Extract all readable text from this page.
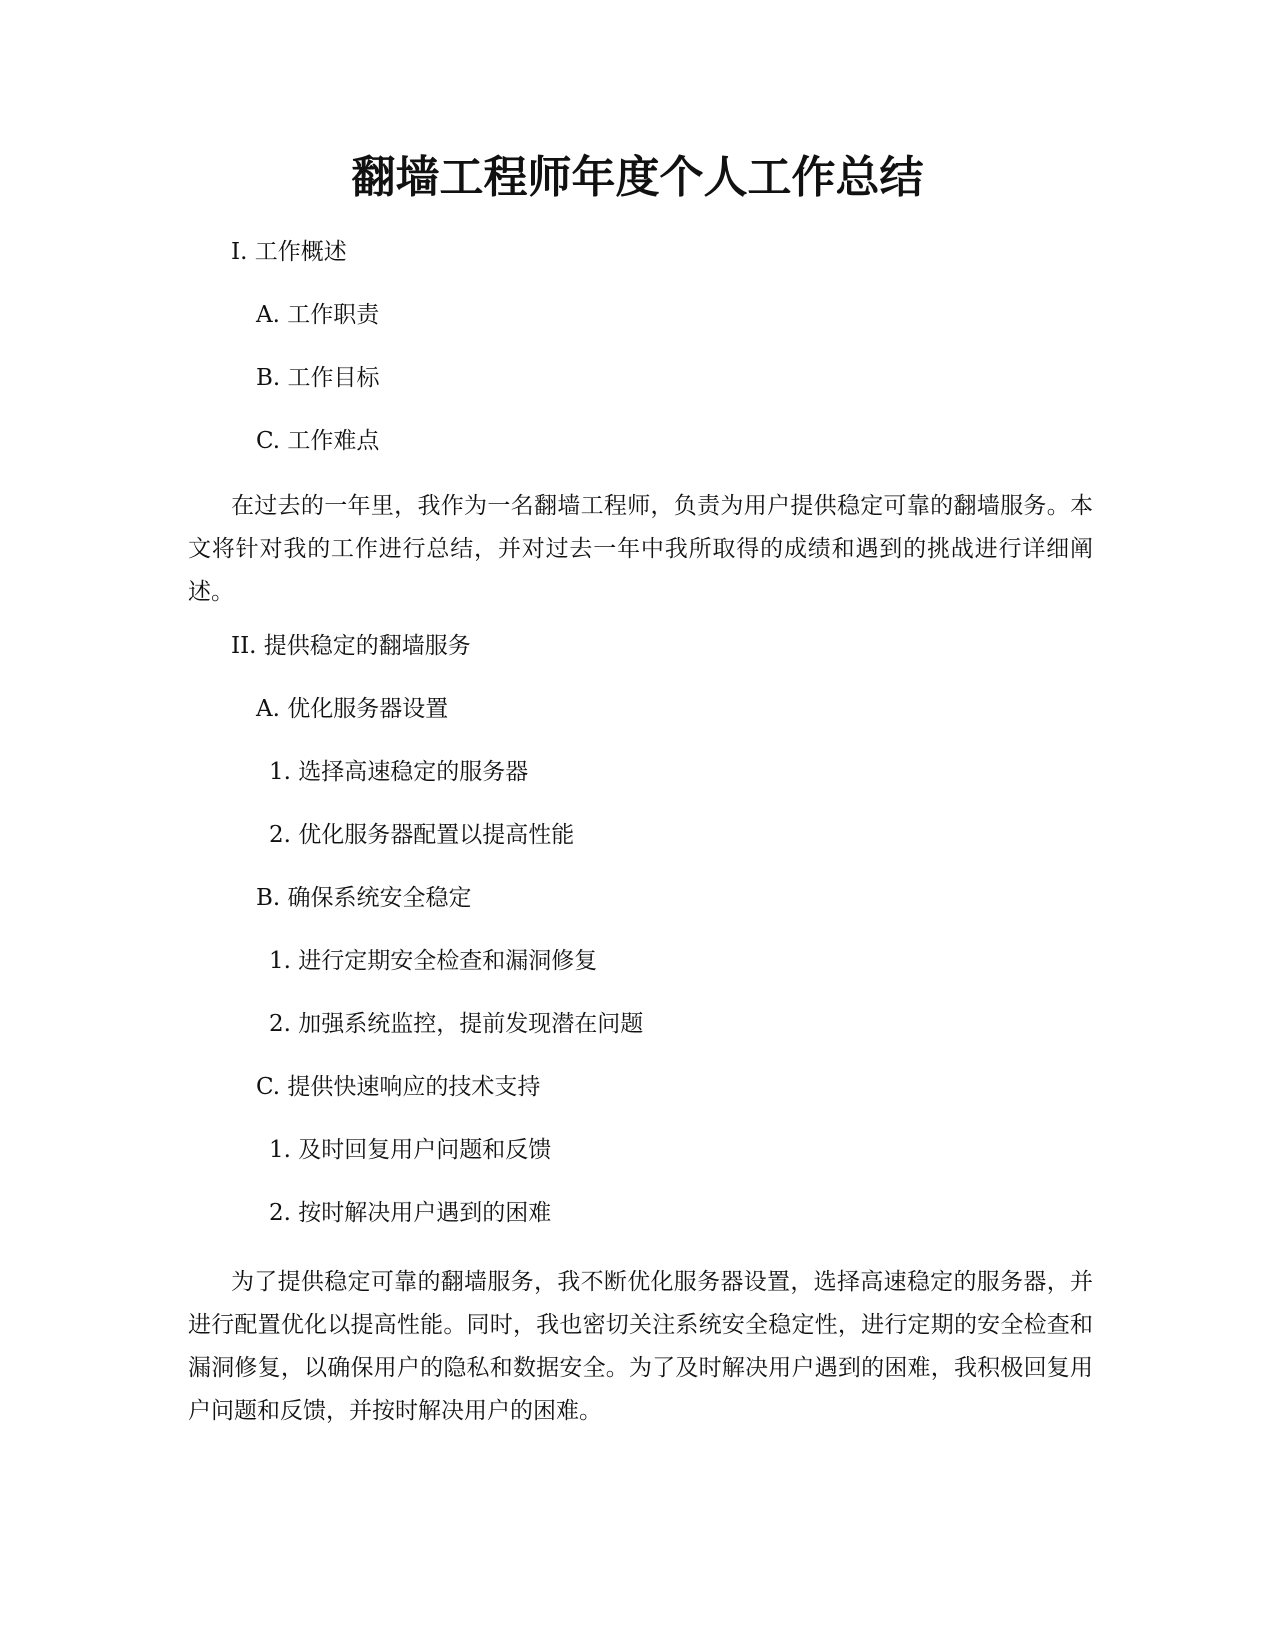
翻墙工程师年度个人工作总结

I. 工作概述

A. 工作职责

B. 工作目标

C. 工作难点

在过去的一年里，我作为一名翻墙工程师，负责为用户提供稳定可靠的翻墙服务。本文将针对我的工作进行总结，并对过去一年中我所取得的成绩和遇到的挑战进行详细阐述。

II. 提供稳定的翻墙服务

A. 优化服务器设置

1. 选择高速稳定的服务器

2. 优化服务器配置以提高性能

B. 确保系统安全稳定

1. 进行定期安全检查和漏洞修复

2. 加强系统监控，提前发现潜在问题

C. 提供快速响应的技术支持

1. 及时回复用户问题和反馈

2. 按时解决用户遇到的困难

为了提供稳定可靠的翻墙服务，我不断优化服务器设置，选择高速稳定的服务器，并进行配置优化以提高性能。同时，我也密切关注系统安全稳定性，进行定期的安全检查和漏洞修复，以确保用户的隐私和数据安全。为了及时解决用户遇到的困难，我积极回复用户问题和反馈，并按时解决用户的困难。
